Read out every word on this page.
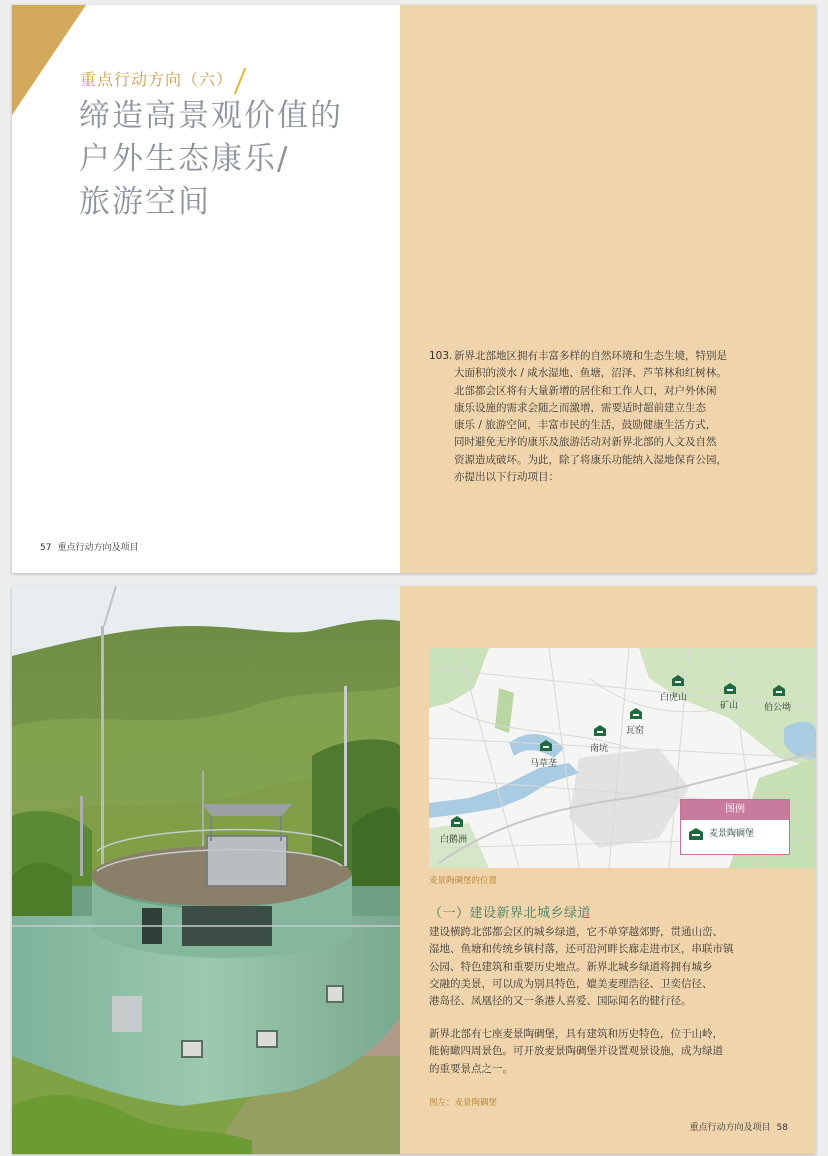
重点行动方向（六）
缔造高景观价值的
户外生态康乐/
旅游空间
57 重点行动方向及项目
103. 新界北部地区拥有丰富多样的自然环境和生态生境，特别是
大面积的淡水 / 咸水湿地、鱼塘，沼泽、芦苇林和红树林。
北部都会区将有大量新增的居住和工作人口，对户外休闲
康乐设施的需求会随之而激增，需要适时超前建立生态
康乐 / 旅游空间，丰富市民的生活，鼓励健康生活方式，
同时避免无序的康乐及旅游活动对新界北部的人文及自然
资源造成破坏。为此，除了将康乐功能纳入湿地保育公园，
亦提出以下行动项目：
白虎山
矿山	伯公坳
瓦窑
南坑
马草垄
白鹅洲
图例
麦景陶碉堡
麦景陶碉堡的位置
（一）建设新界北城乡绿道
建设横跨北部都会区的城乡绿道，它不单穿越郊野，贯通山峦、
湿地、鱼塘和传统乡镇村落，还可沿河畔长廊走进市区，串联市镇
公园、特色建筑和重要历史地点。新界北城乡绿道将拥有城乡
交融的美景，可以成为别具特色，媲美麦理浩径、卫奕信径、
港岛径、凤凰径的又一条港人喜爱、国际闻名的健行径。
新界北部有七座麦景陶碉堡，具有建筑和历史特色，位于山岭，
能俯瞰四周景色。可开放麦景陶碉堡并设置观景设施，成为绿道
的重要景点之一。
图左：麦景陶碉堡
重点行动方向及项目 58
